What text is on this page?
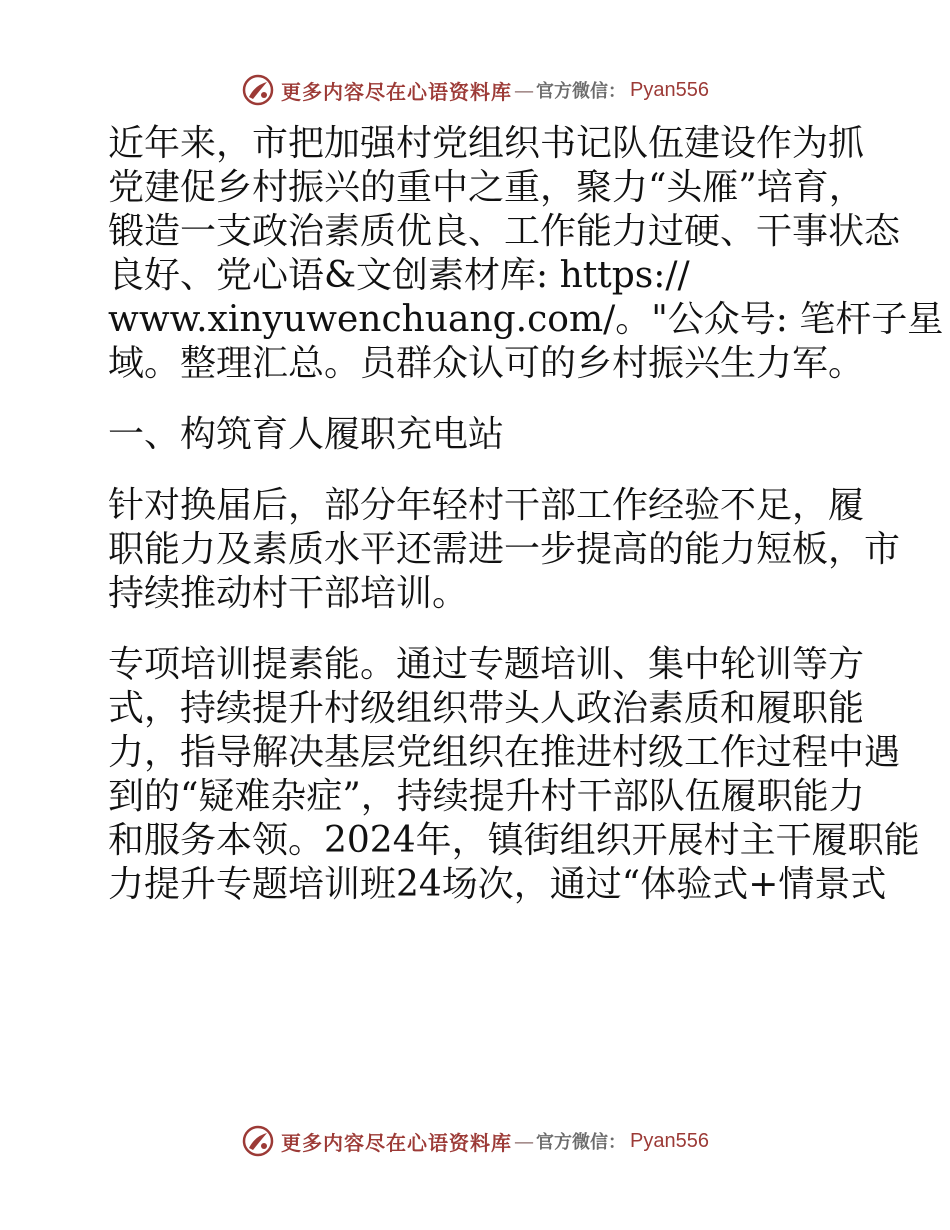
更多内容尽在心语资料库 — 官方微信： Pyan556

近年来，市把加强村党组织书记队伍建设作为抓
党建促乡村振兴的重中之重，聚力“头雁”培育，
锻造一支政治素质优良、工作能力过硬、干事状态
良好、党心语&文创素材库: https://
www.xinyuwenchuang.com/。"公众号: 笔杆子星
域。整理汇总。员群众认可的乡村振兴生力军。

一、构筑育人履职充电站

针对换届后，部分年轻村干部工作经验不足，履
职能力及素质水平还需进一步提高的能力短板，市
持续推动村干部培训。

专项培训提素能。通过专题培训、集中轮训等方
式，持续提升村级组织带头人政治素质和履职能
力，指导解决基层党组织在推进村级工作过程中遇
到的“疑难杂症”，持续提升村干部队伍履职能力
和服务本领。2024年，镇街组织开展村主干履职能
力提升专题培训班24场次，通过“体验式+情景式

更多内容尽在心语资料库 — 官方微信： Pyan556
